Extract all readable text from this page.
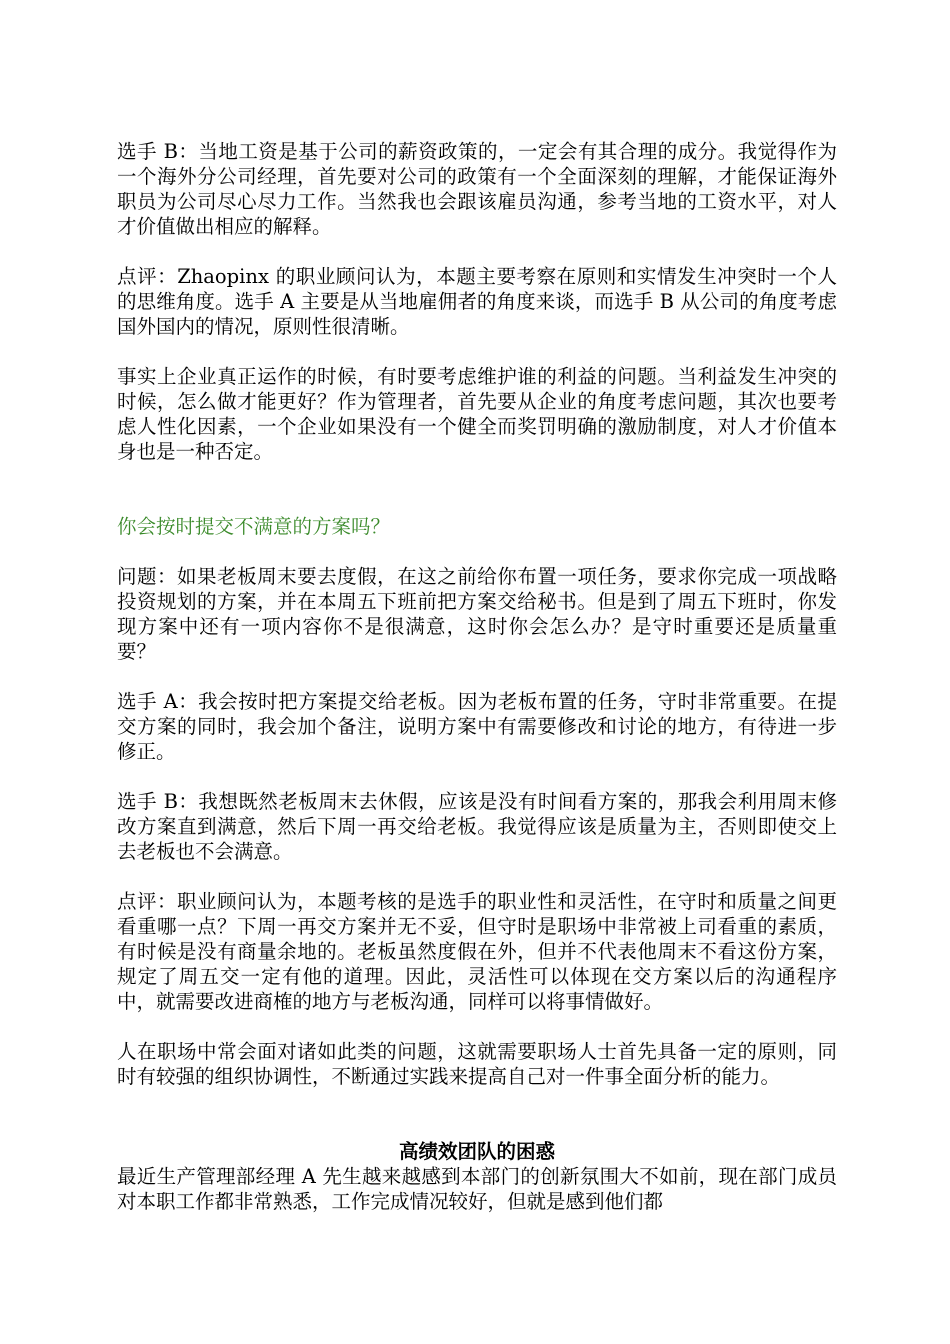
选手 B：当地工资是基于公司的薪资政策的，一定会有其合理的成分。我觉得作为一个海外分公司经理，首先要对公司的政策有一个全面深刻的理解，才能保证海外职员为公司尽心尽力工作。当然我也会跟该雇员沟通，参考当地的工资水平，对人才价值做出相应的解释。

点评：Zhaopinx 的职业顾问认为，本题主要考察在原则和实情发生冲突时一个人的思维角度。选手 A 主要是从当地雇佣者的角度来谈，而选手 B 从公司的角度考虑国外国内的情况，原则性很清晰。

事实上企业真正运作的时候，有时要考虑维护谁的利益的问题。当利益发生冲突的时候，怎么做才能更好？作为管理者，首先要从企业的角度考虑问题，其次也要考虑人性化因素，一个企业如果没有一个健全而奖罚明确的激励制度，对人才价值本身也是一种否定。

你会按时提交不满意的方案吗？

问题：如果老板周末要去度假，在这之前给你布置一项任务，要求你完成一项战略投资规划的方案，并在本周五下班前把方案交给秘书。但是到了周五下班时，你发现方案中还有一项内容你不是很满意，这时你会怎么办？是守时重要还是质量重要？

选手 A：我会按时把方案提交给老板。因为老板布置的任务，守时非常重要。在提交方案的同时，我会加个备注，说明方案中有需要修改和讨论的地方，有待进一步修正。

选手 B：我想既然老板周末去休假，应该是没有时间看方案的，那我会利用周末修改方案直到满意，然后下周一再交给老板。我觉得应该是质量为主，否则即使交上去老板也不会满意。

点评：职业顾问认为，本题考核的是选手的职业性和灵活性，在守时和质量之间更看重哪一点？下周一再交方案并无不妥，但守时是职场中非常被上司看重的素质，有时候是没有商量余地的。老板虽然度假在外，但并不代表他周末不看这份方案，规定了周五交一定有他的道理。因此，灵活性可以体现在交方案以后的沟通程序中，就需要改进商榷的地方与老板沟通，同样可以将事情做好。

人在职场中常会面对诸如此类的问题，这就需要职场人士首先具备一定的原则，同时有较强的组织协调性，不断通过实践来提高自己对一件事全面分析的能力。

高绩效团队的困惑

最近生产管理部经理 A 先生越来越感到本部门的创新氛围大不如前，现在部门成员对本职工作都非常熟悉，工作完成情况较好，但就是感到他们都
